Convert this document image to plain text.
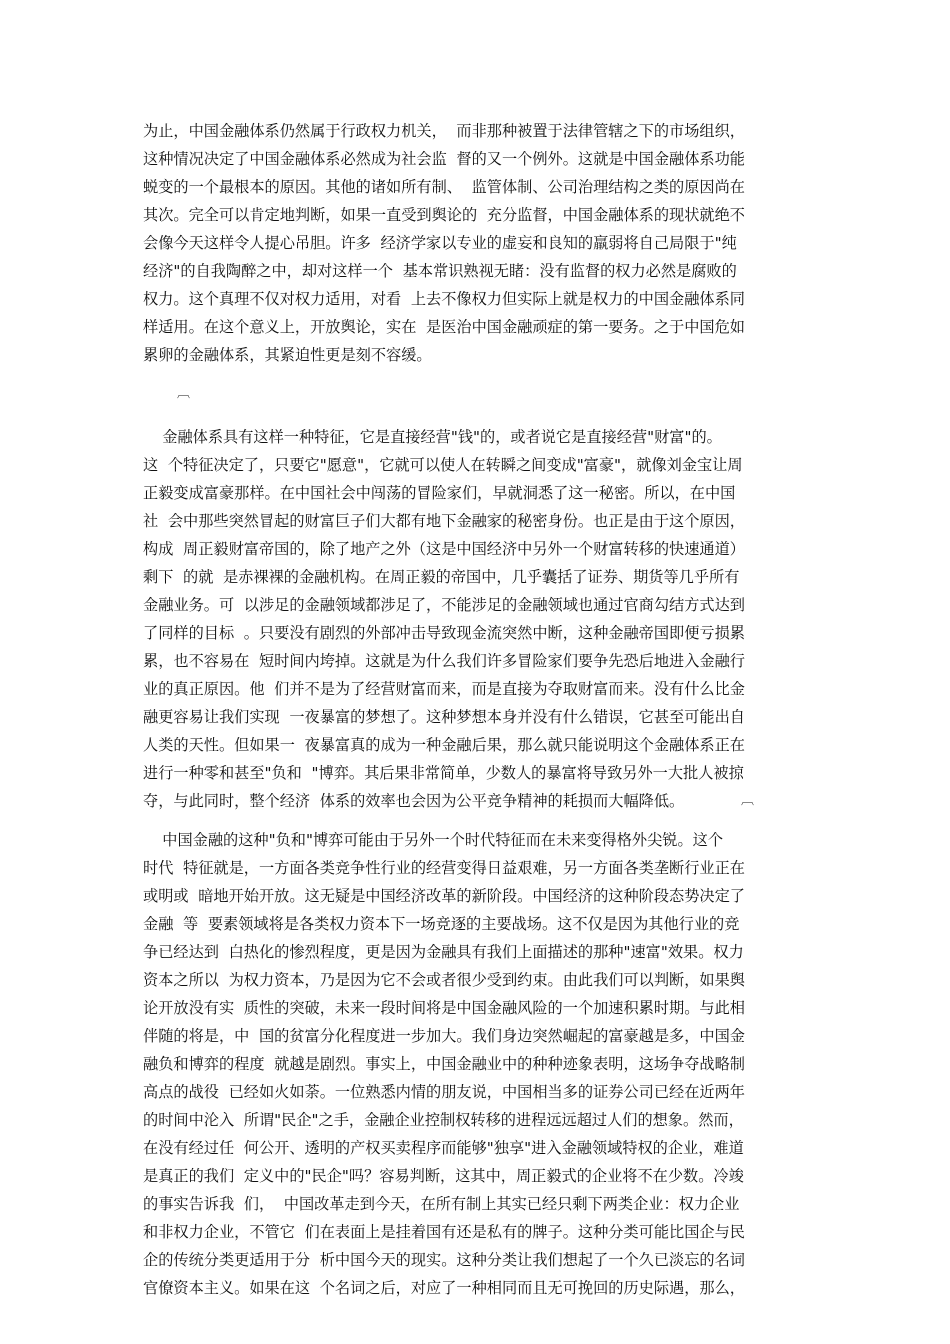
为止，中国金融体系仍然属于行政权力机关，  而非那种被置于法律管辖之下的市场组织，
这种情况决定了中国金融体系必然成为社会监  督的又一个例外。这就是中国金融体系功能
蜕变的一个最根本的原因。其他的诸如所有制、  监管体制、公司治理结构之类的原因尚在
其次。完全可以肯定地判断，如果一直受到舆论的  充分监督，中国金融体系的现状就绝不
会像今天这样令人提心吊胆。许多  经济学家以专业的虚妄和良知的羸弱将自己局限于"纯
经济"的自我陶醉之中，却对这样一个  基本常识熟视无睹：没有监督的权力必然是腐败的
权力。这个真理不仅对权力适用，对看  上去不像权力但实际上就是权力的中国金融体系同
样适用。在这个意义上，开放舆论，实在  是医治中国金融顽症的第一要务。之于中国危如
累卵的金融体系，其紧迫性更是刻不容缓。
︹
金融体系具有这样一种特征，它是直接经营"钱"的，或者说它是直接经营"财富"的。
这  个特征决定了，只要它"愿意"，它就可以使人在转瞬之间变成"富豪"，就像刘金宝让周
正毅变成富豪那样。在中国社会中闯荡的冒险家们，早就洞悉了这一秘密。所以，在中国
社  会中那些突然冒起的财富巨子们大都有地下金融家的秘密身份。也正是由于这个原因，
构成  周正毅财富帝国的，除了地产之外（这是中国经济中另外一个财富转移的快速通道）
剩下  的就  是赤裸裸的金融机构。在周正毅的帝国中，几乎囊括了证券、期货等几乎所有
金融业务。可  以涉足的金融领域都涉足了，不能涉足的金融领域也通过官商勾结方式达到
了同样的目标  。只要没有剧烈的外部冲击导致现金流突然中断，这种金融帝国即便亏损累
累，也不容易在  短时间内垮掉。这就是为什么我们许多冒险家们要争先恐后地进入金融行
业的真正原因。他  们并不是为了经营财富而来，而是直接为夺取财富而来。没有什么比金
融更容易让我们实现  一夜暴富的梦想了。这种梦想本身并没有什么错误，它甚至可能出自
人类的天性。但如果一  夜暴富真的成为一种金融后果，那么就只能说明这个金融体系正在
进行一种零和甚至"负和  "博弈。其后果非常简单，少数人的暴富将导致另外一大批人被掠
夺，与此同时，整个经济  体系的效率也会因为公平竞争精神的耗损而大幅降低。	︹
中国金融的这种"负和"博弈可能由于另外一个时代特征而在未来变得格外尖锐。这个
时代  特征就是，一方面各类竞争性行业的经营变得日益艰难，另一方面各类垄断行业正在
或明或  暗地开始开放。这无疑是中国经济改革的新阶段。中国经济的这种阶段态势决定了
金融  等  要素领域将是各类权力资本下一场竞逐的主要战场。这不仅是因为其他行业的竞
争已经达到  白热化的惨烈程度，更是因为金融具有我们上面描述的那种"速富"效果。权力
资本之所以  为权力资本，乃是因为它不会或者很少受到约束。由此我们可以判断，如果舆
论开放没有实  质性的突破，未来一段时间将是中国金融风险的一个加速积累时期。与此相
伴随的将是，中  国的贫富分化程度进一步加大。我们身边突然崛起的富豪越是多，中国金
融负和博弈的程度  就越是剧烈。事实上，中国金融业中的种种迹象表明，这场争夺战略制
高点的战役  已经如火如荼。一位熟悉内情的朋友说，中国相当多的证券公司已经在近两年
的时间中沦入  所谓"民企"之手，金融企业控制权转移的进程远远超过人们的想象。然而，
在没有经过任  何公开、透明的产权买卖程序而能够"独享"进入金融领域特权的企业，难道
是真正的我们  定义中的"民企"吗？容易判断，这其中，周正毅式的企业将不在少数。冷竣
的事实告诉我  们，  中国改革走到今天，在所有制上其实已经只剩下两类企业：权力企业
和非权力企业，不管它  们在表面上是挂着国有还是私有的牌子。这种分类可能比国企与民
企的传统分类更适用于分  析中国今天的现实。这种分类让我们想起了一个久已淡忘的名词
官僚资本主义。如果在这  个名词之后，对应了一种相同而且无可挽回的历史际遇，那么，
